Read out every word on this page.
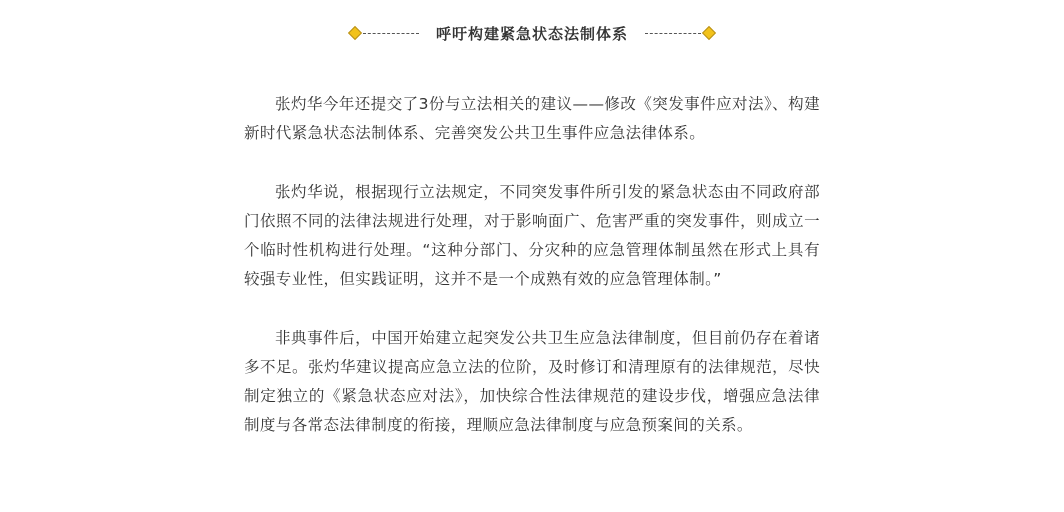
呼吁构建紧急状态法制体系

张灼华今年还提交了3份与立法相关的建议——修改《突发事件应对法》、构建新时代紧急状态法制体系、完善突发公共卫生事件应急法律体系。

张灼华说，根据现行立法规定，不同突发事件所引发的紧急状态由不同政府部门依照不同的法律法规进行处理，对于影响面广、危害严重的突发事件，则成立一个临时性机构进行处理。“这种分部门、分灾种的应急管理体制虽然在形式上具有较强专业性，但实践证明，这并不是一个成熟有效的应急管理体制。”

非典事件后，中国开始建立起突发公共卫生应急法律制度，但目前仍存在着诸多不足。张灼华建议提高应急立法的位阶，及时修订和清理原有的法律规范，尽快制定独立的《紧急状态应对法》，加快综合性法律规范的建设步伐，增强应急法律制度与各常态法律制度的衔接，理顺应急法律制度与应急预案间的关系。
